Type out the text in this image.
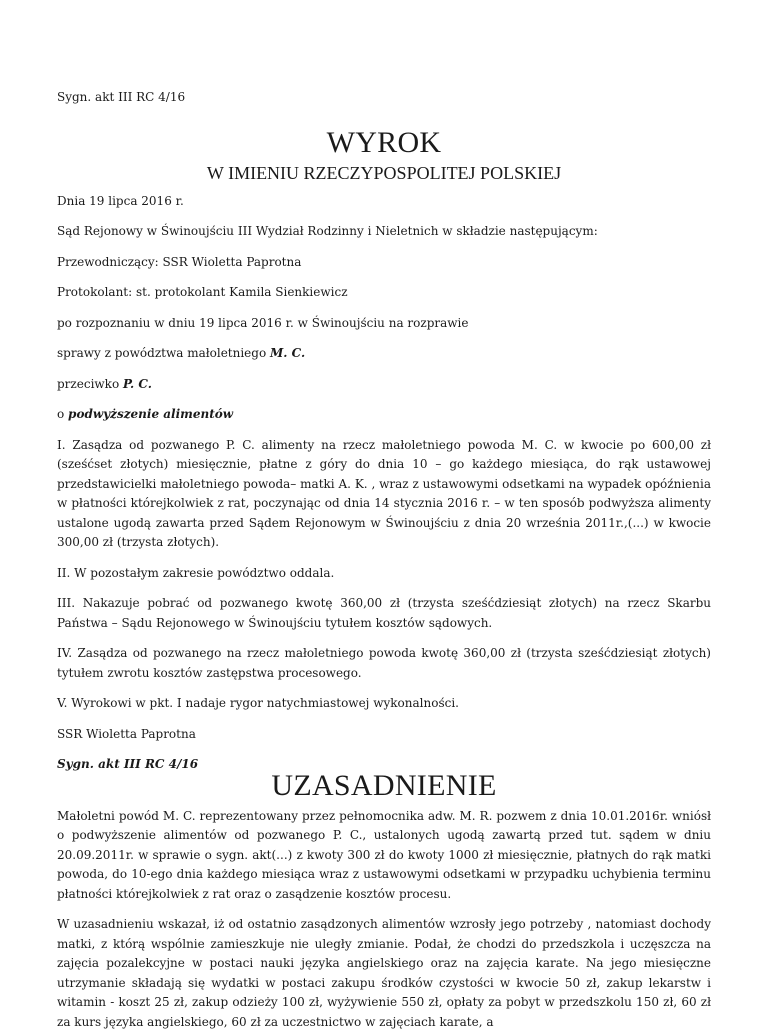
Sygn. akt III RC 4/16

WYROK
W IMIENIU RZECZYPOSPOLITEJ POLSKIEJ

Dnia 19 lipca 2016 r.

Sąd Rejonowy w Świnoujściu III Wydział Rodzinny i Nieletnich w składzie następującym:

Przewodniczący: SSR Wioletta Paprotna

Protokolant: st. protokolant Kamila Sienkiewicz

po rozpoznaniu w dniu 19 lipca 2016 r. w Świnoujściu na rozprawie

sprawy z powództwa małoletniego M. C.

przeciwko P. C.

o podwyższenie alimentów

I. Zasądza od pozwanego P. C. alimenty na rzecz małoletniego powoda M. C. w kwocie po 600,00 zł (sześćset złotych) miesięcznie, płatne z góry do dnia 10 – go każdego miesiąca, do rąk ustawowej przedstawicielki małoletniego powoda– matki A. K. , wraz z ustawowymi odsetkami na wypadek opóźnienia w płatności którejkolwiek z rat, poczynając od dnia 14 stycznia 2016 r. – w ten sposób podwyższa alimenty ustalone ugodą zawarta przed Sądem Rejonowym w Świnoujściu z dnia 20 września 2011r.,(...) w kwocie 300,00 zł (trzysta złotych).

II. W pozostałym zakresie powództwo oddala.

III. Nakazuje pobrać od pozwanego kwotę 360,00 zł (trzysta sześćdziesiąt złotych) na rzecz Skarbu Państwa – Sądu Rejonowego w Świnoujściu tytułem kosztów sądowych.

IV. Zasądza od pozwanego na rzecz małoletniego powoda kwotę 360,00 zł (trzysta sześćdziesiąt złotych) tytułem zwrotu kosztów zastępstwa procesowego.

V. Wyrokowi w pkt. I nadaje rygor natychmiastowej wykonalności.

SSR Wioletta Paprotna

Sygn. akt III RC 4/16

UZASADNIENIE

Małoletni powód M. C. reprezentowany przez pełnomocnika adw. M. R. pozwem z dnia 10.01.2016r. wniósł o podwyższenie alimentów od pozwanego P. C., ustalonych ugodą zawartą przed tut. sądem w dniu 20.09.2011r. w sprawie o sygn. akt(...) z kwoty 300 zł do kwoty 1000 zł miesięcznie, płatnych do rąk matki powoda, do 10-ego dnia każdego miesiąca wraz z ustawowymi odsetkami w przypadku uchybienia terminu płatności którejkolwiek z rat oraz o zasądzenie kosztów procesu.

W uzasadnieniu wskazał, iż od ostatnio zasądzonych alimentów wzrosły jego potrzeby , natomiast dochody matki, z którą wspólnie zamieszkuje nie uległy zmianie. Podał, że chodzi do przedszkola i uczęszcza na zajęcia pozalekcyjne w postaci nauki języka angielskiego oraz na zajęcia karate. Na jego miesięczne utrzymanie składają się wydatki w postaci zakupu środków czystości w kwocie 50 zł, zakup lekarstw i witamin - koszt 25 zł, zakup odzieży 100 zł, wyżywienie 550 zł, opłaty za pobyt w przedszkolu 150 zł, 60 zł za kurs języka angielskiego, 60 zł za uczestnictwo w zajęciach karate, a
